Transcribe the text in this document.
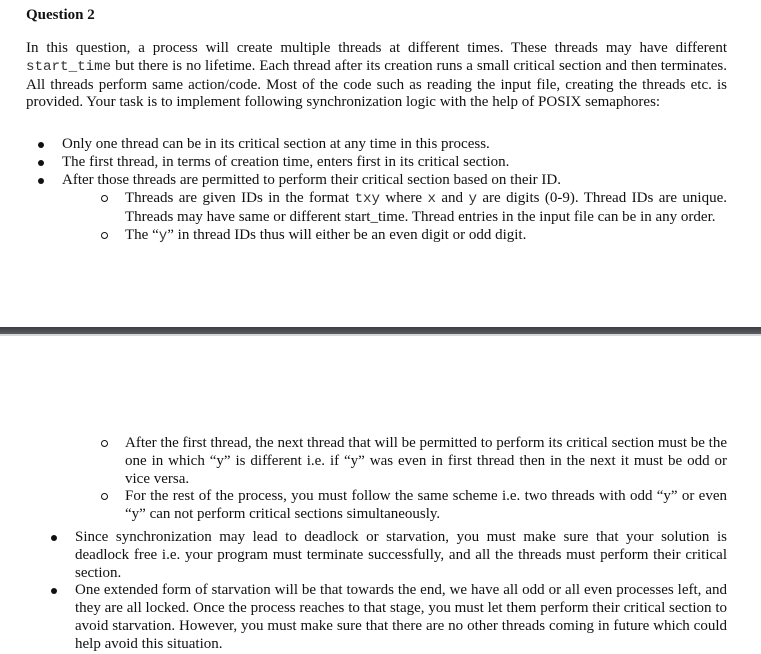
Question 2

In this question, a process will create multiple threads at different times. These threads may have different start_time but there is no lifetime. Each thread after its creation runs a small critical section and then terminates. All threads perform same action/code. Most of the code such as reading the input file, creating the threads etc. is provided. Your task is to implement following synchronization logic with the help of POSIX semaphores:

Only one thread can be in its critical section at any time in this process.
The first thread, in terms of creation time, enters first in its critical section.
After those threads are permitted to perform their critical section based on their ID.
Threads are given IDs in the format txy where x and y are digits (0-9). Thread IDs are unique. Threads may have same or different start_time. Thread entries in the input file can be in any order.
The “y” in thread IDs thus will either be an even digit or odd digit.
After the first thread, the next thread that will be permitted to perform its critical section must be the one in which “y” is different i.e. if “y” was even in first thread then in the next it must be odd or vice versa.
For the rest of the process, you must follow the same scheme i.e. two threads with odd “y” or even “y” can not perform critical sections simultaneously.
Since synchronization may lead to deadlock or starvation, you must make sure that your solution is deadlock free i.e. your program must terminate successfully, and all the threads must perform their critical section.
One extended form of starvation will be that towards the end, we have all odd or all even processes left, and they are all locked. Once the process reaches to that stage, you must let them perform their critical section to avoid starvation. However, you must make sure that there are no other threads coming in future which could help avoid this situation.
